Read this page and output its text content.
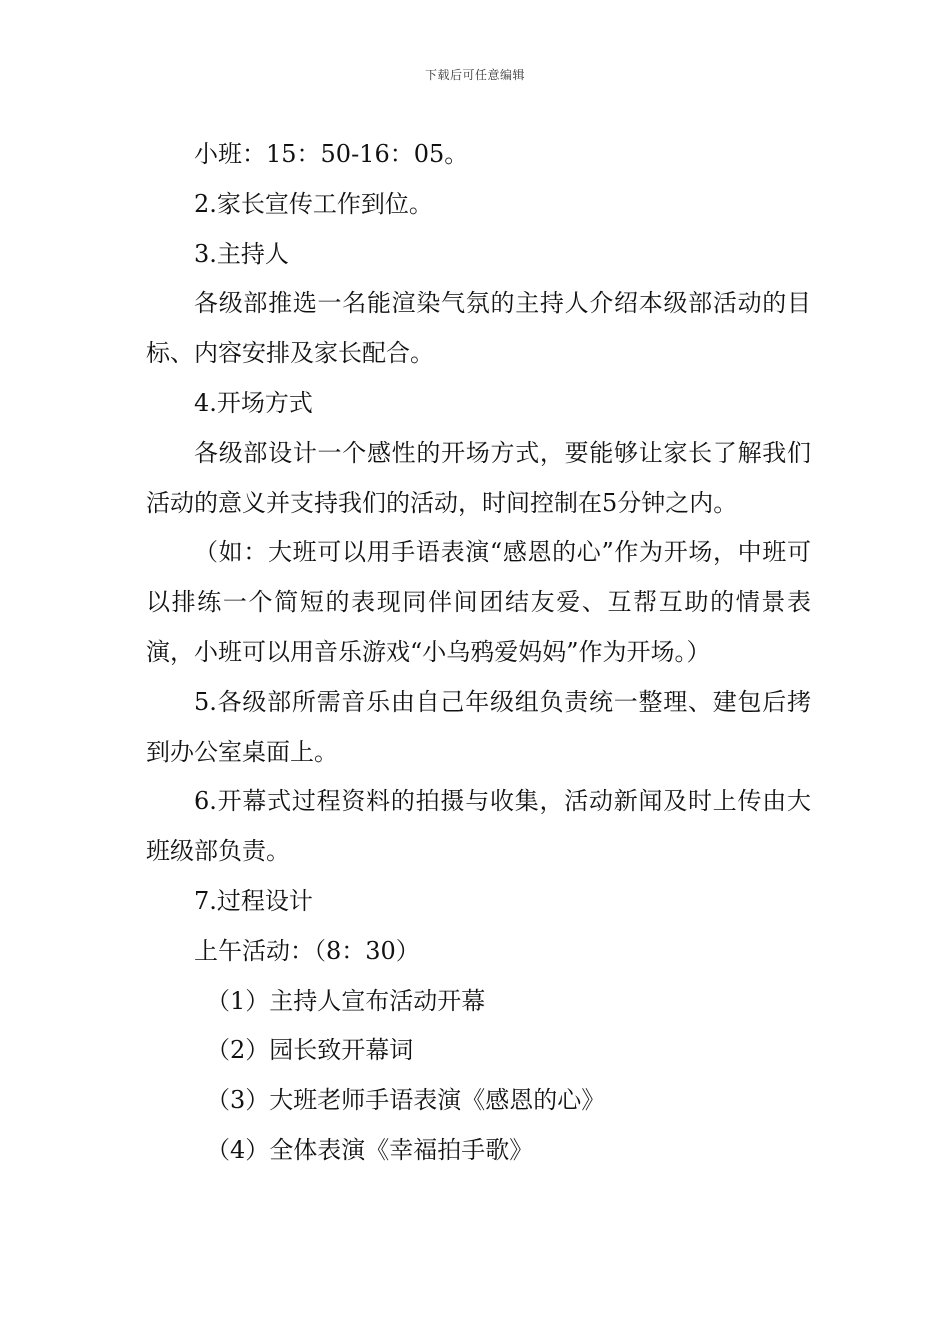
下载后可任意编辑

小班：15：50-16：05。

2.家长宣传工作到位。

3.主持人

各级部推选一名能渲染气氛的主持人介绍本级部活动的目标、内容安排及家长配合。

4.开场方式

各级部设计一个感性的开场方式，要能够让家长了解我们活动的意义并支持我们的活动，时间控制在5分钟之内。

（如：大班可以用手语表演“感恩的心”作为开场，中班可以排练一个简短的表现同伴间团结友爱、互帮互助的情景表演，小班可以用音乐游戏“小乌鸦爱妈妈”作为开场。）

5.各级部所需音乐由自己年级组负责统一整理、建包后拷到办公室桌面上。

6.开幕式过程资料的拍摄与收集，活动新闻及时上传由大班级部负责。

7.过程设计

上午活动：（8：30）

（1）主持人宣布活动开幕

（2）园长致开幕词

（3）大班老师手语表演《感恩的心》

（4）全体表演《幸福拍手歌》
